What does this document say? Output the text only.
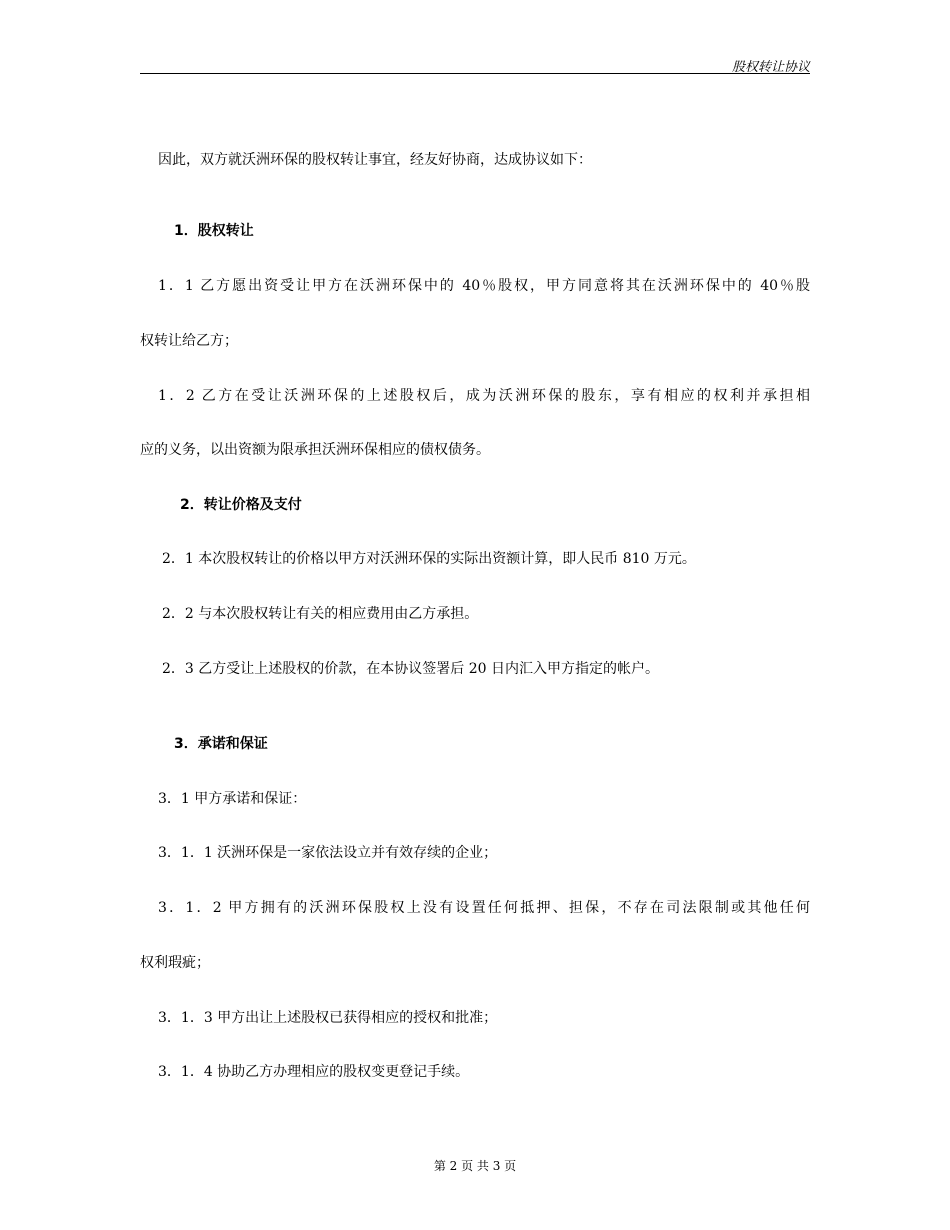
股权转让协议
因此，双方就沃洲环保的股权转让事宜，经友好协商，达成协议如下：
1．股权转让
1．1 乙方愿出资受让甲方在沃洲环保中的 40％股权，甲方同意将其在沃洲环保中的 40％股
权转让给乙方；
1．2 乙方在受让沃洲环保的上述股权后，成为沃洲环保的股东，享有相应的权利并承担相
应的义务，以出资额为限承担沃洲环保相应的债权债务。
2．转让价格及支付
2．1 本次股权转让的价格以甲方对沃洲环保的实际出资额计算，即人民币 810 万元。
2．2 与本次股权转让有关的相应费用由乙方承担。
2．3 乙方受让上述股权的价款，在本协议签署后 20 日内汇入甲方指定的帐户。
3．承诺和保证
3．1 甲方承诺和保证：
3．1．1 沃洲环保是一家依法设立并有效存续的企业；
3．1．2 甲方拥有的沃洲环保股权上没有设置任何抵押、担保，不存在司法限制或其他任何
权利瑕疵；
3．1．3 甲方出让上述股权已获得相应的授权和批准；
3．1．4 协助乙方办理相应的股权变更登记手续。
第 2 页 共 3 页
